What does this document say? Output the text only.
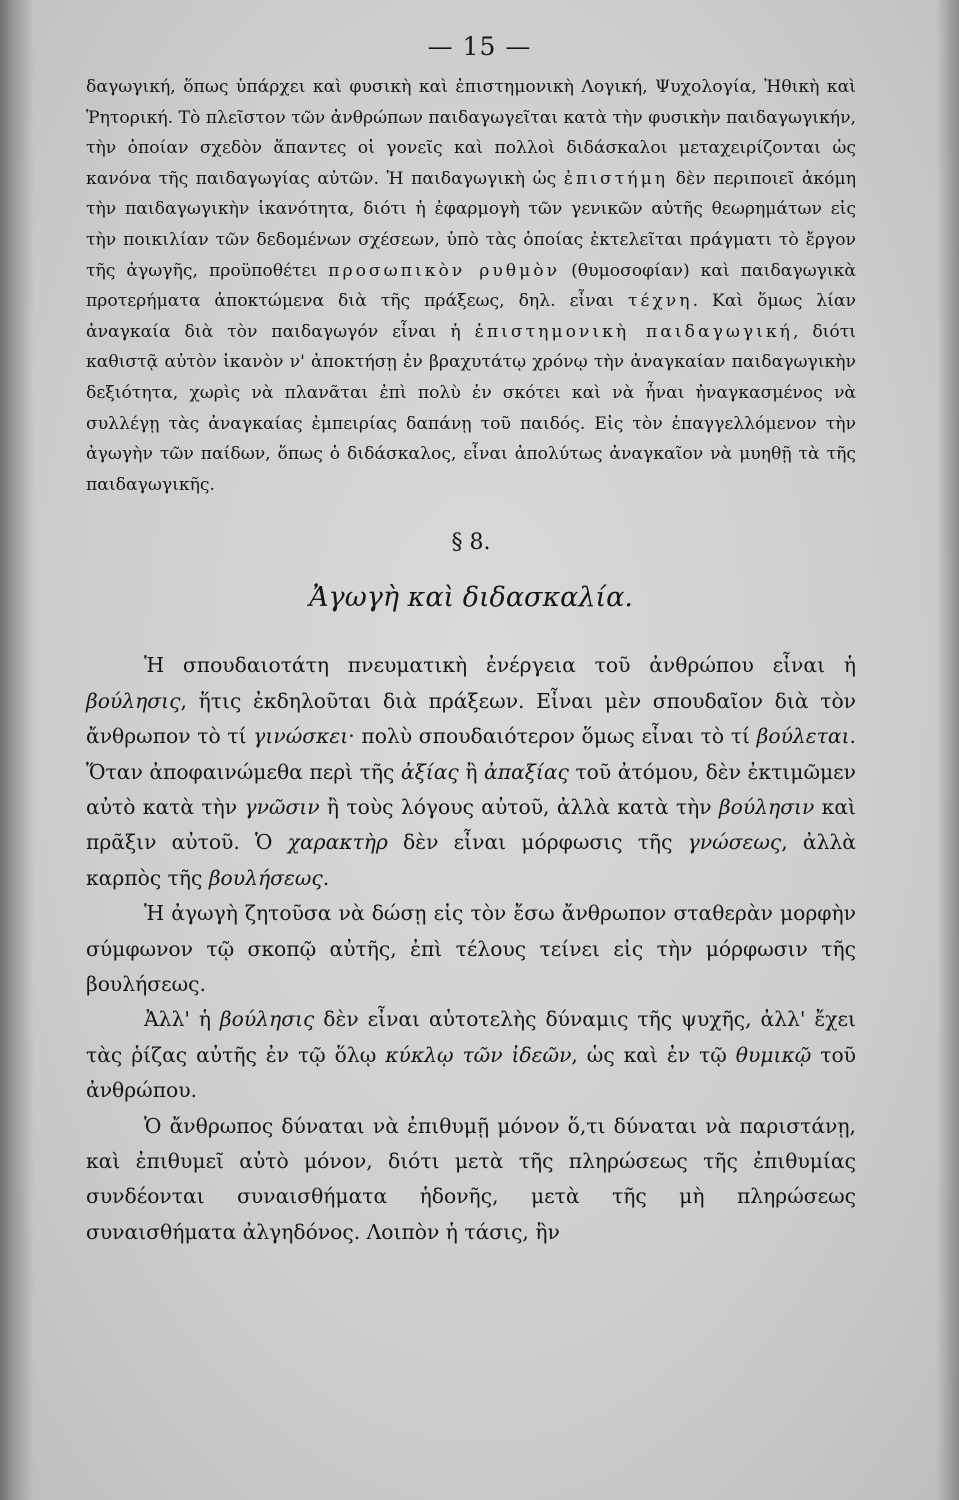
— 15 —

δαγωγική, ὅπως ὑπάρχει καὶ φυσικὴ καὶ ἐπιστημονικὴ Λογική, Ψυχολογία, Ἠθικὴ καὶ Ῥητορική. Τὸ πλεῖστον τῶν ἀνθρώπων παιδαγωγεῖται κατὰ τὴν φυσικὴν παιδαγωγικήν, τὴν ὁποίαν σχεδὸν ἅπαντες οἱ γονεῖς καὶ πολλοὶ διδάσκαλοι μεταχειρίζονται ὡς κανόνα τῆς παιδαγωγίας αὐτῶν. Ἡ παιδαγωγικὴ ὡς ἐπιστήμη δὲν περιποιεῖ ἀκόμη τὴν παιδαγωγικὴν ἱκανότητα, διότι ἡ ἐφαρμογὴ τῶν γενικῶν αὐτῆς θεωρημάτων εἰς τὴν ποικιλίαν τῶν δεδομένων σχέσεων, ὑπὸ τὰς ὁποίας ἐκτελεῖται πράγματι τὸ ἔργον τῆς ἀγωγῆς, προϋποθέτει προσωπικὸν ρυθμὸν (θυμοσοφίαν) καὶ παιδαγωγικὰ προτερήματα ἀποκτώμενα διὰ τῆς πράξεως, δηλ. εἶναι τέχνη. Καὶ ὅμως λίαν ἀναγκαία διὰ τὸν παιδαγωγόν εἶναι ἡ ἐπιστημονικὴ παιδαγωγική, διότι καθιστᾷ αὐτὸν ἱκανὸν ν' ἀποκτήσῃ ἐν βραχυτάτῳ χρόνῳ τὴν ἀναγκαίαν παιδαγωγικὴν δεξιότητα, χωρὶς νὰ πλανᾶται ἐπὶ πολὺ ἐν σκότει καὶ νὰ ἦναι ἠναγκασμένος νὰ συλλέγῃ τὰς ἀναγκαίας ἐμπειρίας δαπάνῃ τοῦ παιδός. Εἰς τὸν ἐπαγγελλόμενον τὴν ἀγωγὴν τῶν παίδων, ὅπως ὁ διδάσκαλος, εἶναι ἀπολύτως ἀναγκαῖον νὰ μυηθῇ τὰ τῆς παιδαγωγικῆς.

§ 8.
Ἀγωγὴ καὶ διδασκαλία.

Ἡ σπουδαιοτάτη πνευματικὴ ἐνέργεια τοῦ ἀνθρώπου εἶναι ἡ βούλησις, ἥτις ἐκδηλοῦται διὰ πράξεων. Εἶναι μὲν σπουδαῖον διὰ τὸν ἄνθρωπον τὸ τί γινώσκει· πολὺ σπουδαιότερον ὅμως εἶναι τὸ τί βούλεται. Ὅταν ἀποφαινώμεθα περὶ τῆς ἀξίας ἢ ἀπαξίας τοῦ ἀτόμου, δὲν ἐκτιμῶμεν αὐτὸ κατὰ τὴν γνῶσιν ἢ τοὺς λόγους αὐτοῦ, ἀλλὰ κατὰ τὴν βούλησιν καὶ πρᾶξιν αὐτοῦ. Ὁ χαρακτὴρ δὲν εἶναι μόρφωσις τῆς γνώσεως, ἀλλὰ καρπὸς τῆς βουλήσεως.

Ἡ ἀγωγὴ ζητοῦσα νὰ δώσῃ εἰς τὸν ἔσω ἄνθρωπον σταθερὰν μορφὴν σύμφωνον τῷ σκοπῷ αὐτῆς, ἐπὶ τέλους τείνει εἰς τὴν μόρφωσιν τῆς βουλήσεως.

Ἀλλ' ἡ βούλησις δὲν εἶναι αὐτοτελὴς δύναμις τῆς ψυχῆς, ἀλλ' ἔχει τὰς ῥίζας αὐτῆς ἐν τῷ ὅλῳ κύκλῳ τῶν ἰδεῶν, ὡς καὶ ἐν τῷ θυμικῷ τοῦ ἀνθρώπου.

Ὁ ἄνθρωπος δύναται νὰ ἐπιθυμῇ μόνον ὅ,τι δύναται νὰ παριστάνῃ, καὶ ἐπιθυμεῖ αὐτὸ μόνον, διότι μετὰ τῆς πληρώσεως τῆς ἐπιθυμίας συνδέονται συναισθήματα ἡδονῆς, μετὰ τῆς μὴ πληρώσεως συναισθήματα ἀλγηδόνος. Λοιπὸν ἡ τάσις, ἣν
